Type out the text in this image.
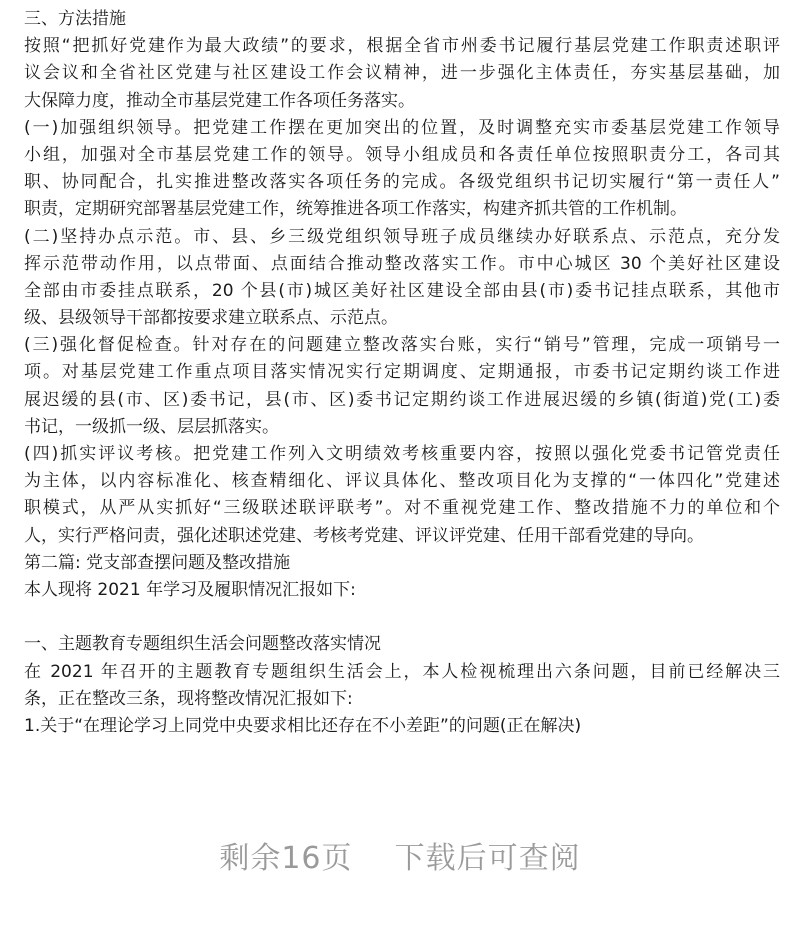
三、方法措施
按照“把抓好党建作为最大政绩”的要求，根据全省市州委书记履行基层党建工作职责述职评
议会议和全省社区党建与社区建设工作会议精神，进一步强化主体责任，夯实基层基础，加
大保障力度，推动全市基层党建工作各项任务落实。
(一)加强组织领导。把党建工作摆在更加突出的位置，及时调整充实市委基层党建工作领导
小组，加强对全市基层党建工作的领导。领导小组成员和各责任单位按照职责分工，各司其
职、协同配合，扎实推进整改落实各项任务的完成。各级党组织书记切实履行“第一责任人”
职责，定期研究部署基层党建工作，统筹推进各项工作落实，构建齐抓共管的工作机制。
(二)坚持办点示范。市、县、乡三级党组织领导班子成员继续办好联系点、示范点，充分发
挥示范带动作用，以点带面、点面结合推动整改落实工作。市中心城区 30 个美好社区建设
全部由市委挂点联系，20 个县(市)城区美好社区建设全部由县(市)委书记挂点联系，其他市
级、县级领导干部都按要求建立联系点、示范点。
(三)强化督促检查。针对存在的问题建立整改落实台账，实行“销号”管理，完成一项销号一
项。对基层党建工作重点项目落实情况实行定期调度、定期通报，市委书记定期约谈工作进
展迟缓的县(市、区)委书记，县(市、区)委书记定期约谈工作进展迟缓的乡镇(街道)党(工)委
书记，一级抓一级、层层抓落实。
(四)抓实评议考核。把党建工作列入文明绩效考核重要内容，按照以强化党委书记管党责任
为主体，以内容标准化、核查精细化、评议具体化、整改项目化为支撑的“一体四化”党建述
职模式，从严从实抓好“三级联述联评联考”。对不重视党建工作、整改措施不力的单位和个
人，实行严格问责，强化述职述党建、考核考党建、评议评党建、任用干部看党建的导向。
第二篇: 党支部查摆问题及整改措施
本人现将 2021 年学习及履职情况汇报如下:
一、主题教育专题组织生活会问题整改落实情况
在 2021 年召开的主题教育专题组织生活会上，本人检视梳理出六条问题，目前已经解决三
条，正在整改三条，现将整改情况汇报如下:
1.关于“在理论学习上同党中央要求相比还存在不小差距”的问题(正在解决)
剩余16页    下载后可查阅
